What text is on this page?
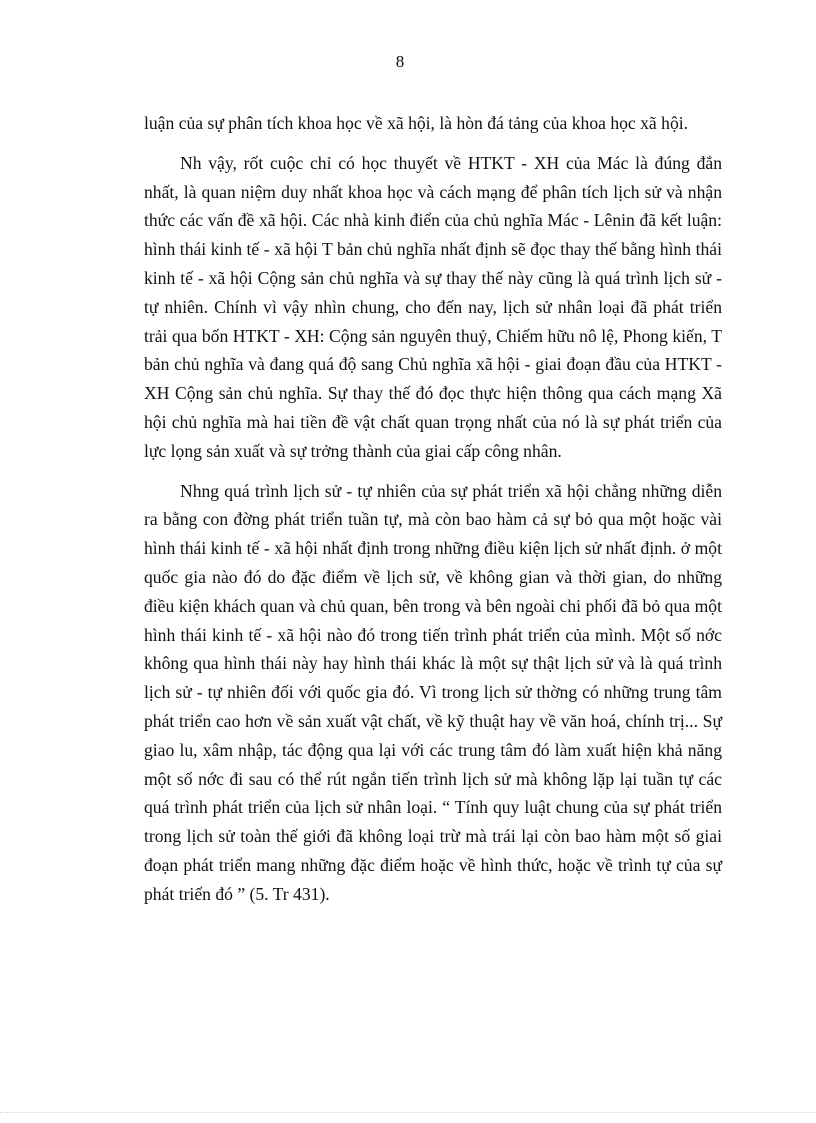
8

luận của sự phân tích khoa học về xã hội, là hòn đá tảng của khoa học xã hội.

Nh vậy, rốt cuộc chỉ có học thuyết về HTKT - XH của Mác là đúng đắn nhất, là quan niệm duy nhất khoa học và cách mạng để phân tích lịch sử và nhận thức các vấn đề xã hội. Các nhà kinh điển của chủ nghĩa Mác - Lênin đã kết luận: hình thái kinh tế - xã hội T bản chủ nghĩa nhất định sẽ đọc thay thế bằng hình thái kinh tế - xã hội Cộng sản chủ nghĩa và sự thay thế này cũng là quá trình lịch sử - tự nhiên. Chính vì vậy nhìn chung, cho đến nay, lịch sử nhân loại đã phát triển trải qua bốn HTKT - XH: Cộng sản nguyên thuỷ, Chiếm hữu nô lệ, Phong kiến, T bản chủ nghĩa và đang quá độ sang Chủ nghĩa xã hội - giai đoạn đầu của HTKT - XH Cộng sản chủ nghĩa. Sự thay thế đó đọc thực hiện thông qua cách mạng Xã hội chủ nghĩa mà hai tiền đề vật chất quan trọng nhất của nó là sự phát triển của lực lọng sản xuất và sự trởng thành của giai cấp công nhân.

Nhng quá trình lịch sử - tự nhiên của sự phát triển xã hội chẳng những diễn ra bằng con đờng phát triển tuần tự, mà còn bao hàm cả sự bỏ qua một hoặc vài hình thái kinh tế - xã hội nhất định trong những điều kiện lịch sử nhất định. ở một quốc gia nào đó do đặc điểm về lịch sử, về không gian và thời gian, do những điều kiện khách quan và chủ quan, bên trong và bên ngoài chi phối đã bỏ qua một hình thái kinh tế - xã hội nào đó trong tiến trình phát triển của mình. Một số nớc không qua hình thái này hay hình thái khác là một sự thật lịch sử và là quá trình lịch sử - tự nhiên đối với quốc gia đó. Vì trong lịch sử thờng có những trung tâm phát triển cao hơn về sản xuất vật chất, về kỹ thuật hay về văn hoá, chính trị... Sự giao lu, xâm nhập, tác động qua lại với các trung tâm đó làm xuất hiện khả năng một số nớc đi sau có thể rút ngắn tiến trình lịch sử mà không lặp lại tuần tự các quá trình phát triển của lịch sử nhân loại. “ Tính quy luật chung của sự phát triển trong lịch sử toàn thế giới đã không loại trừ mà trái lại còn bao hàm một số giai đoạn phát triển mang những đặc điểm hoặc về hình thức, hoặc về trình tự của sự phát triển đó ” (5. Tr 431).
